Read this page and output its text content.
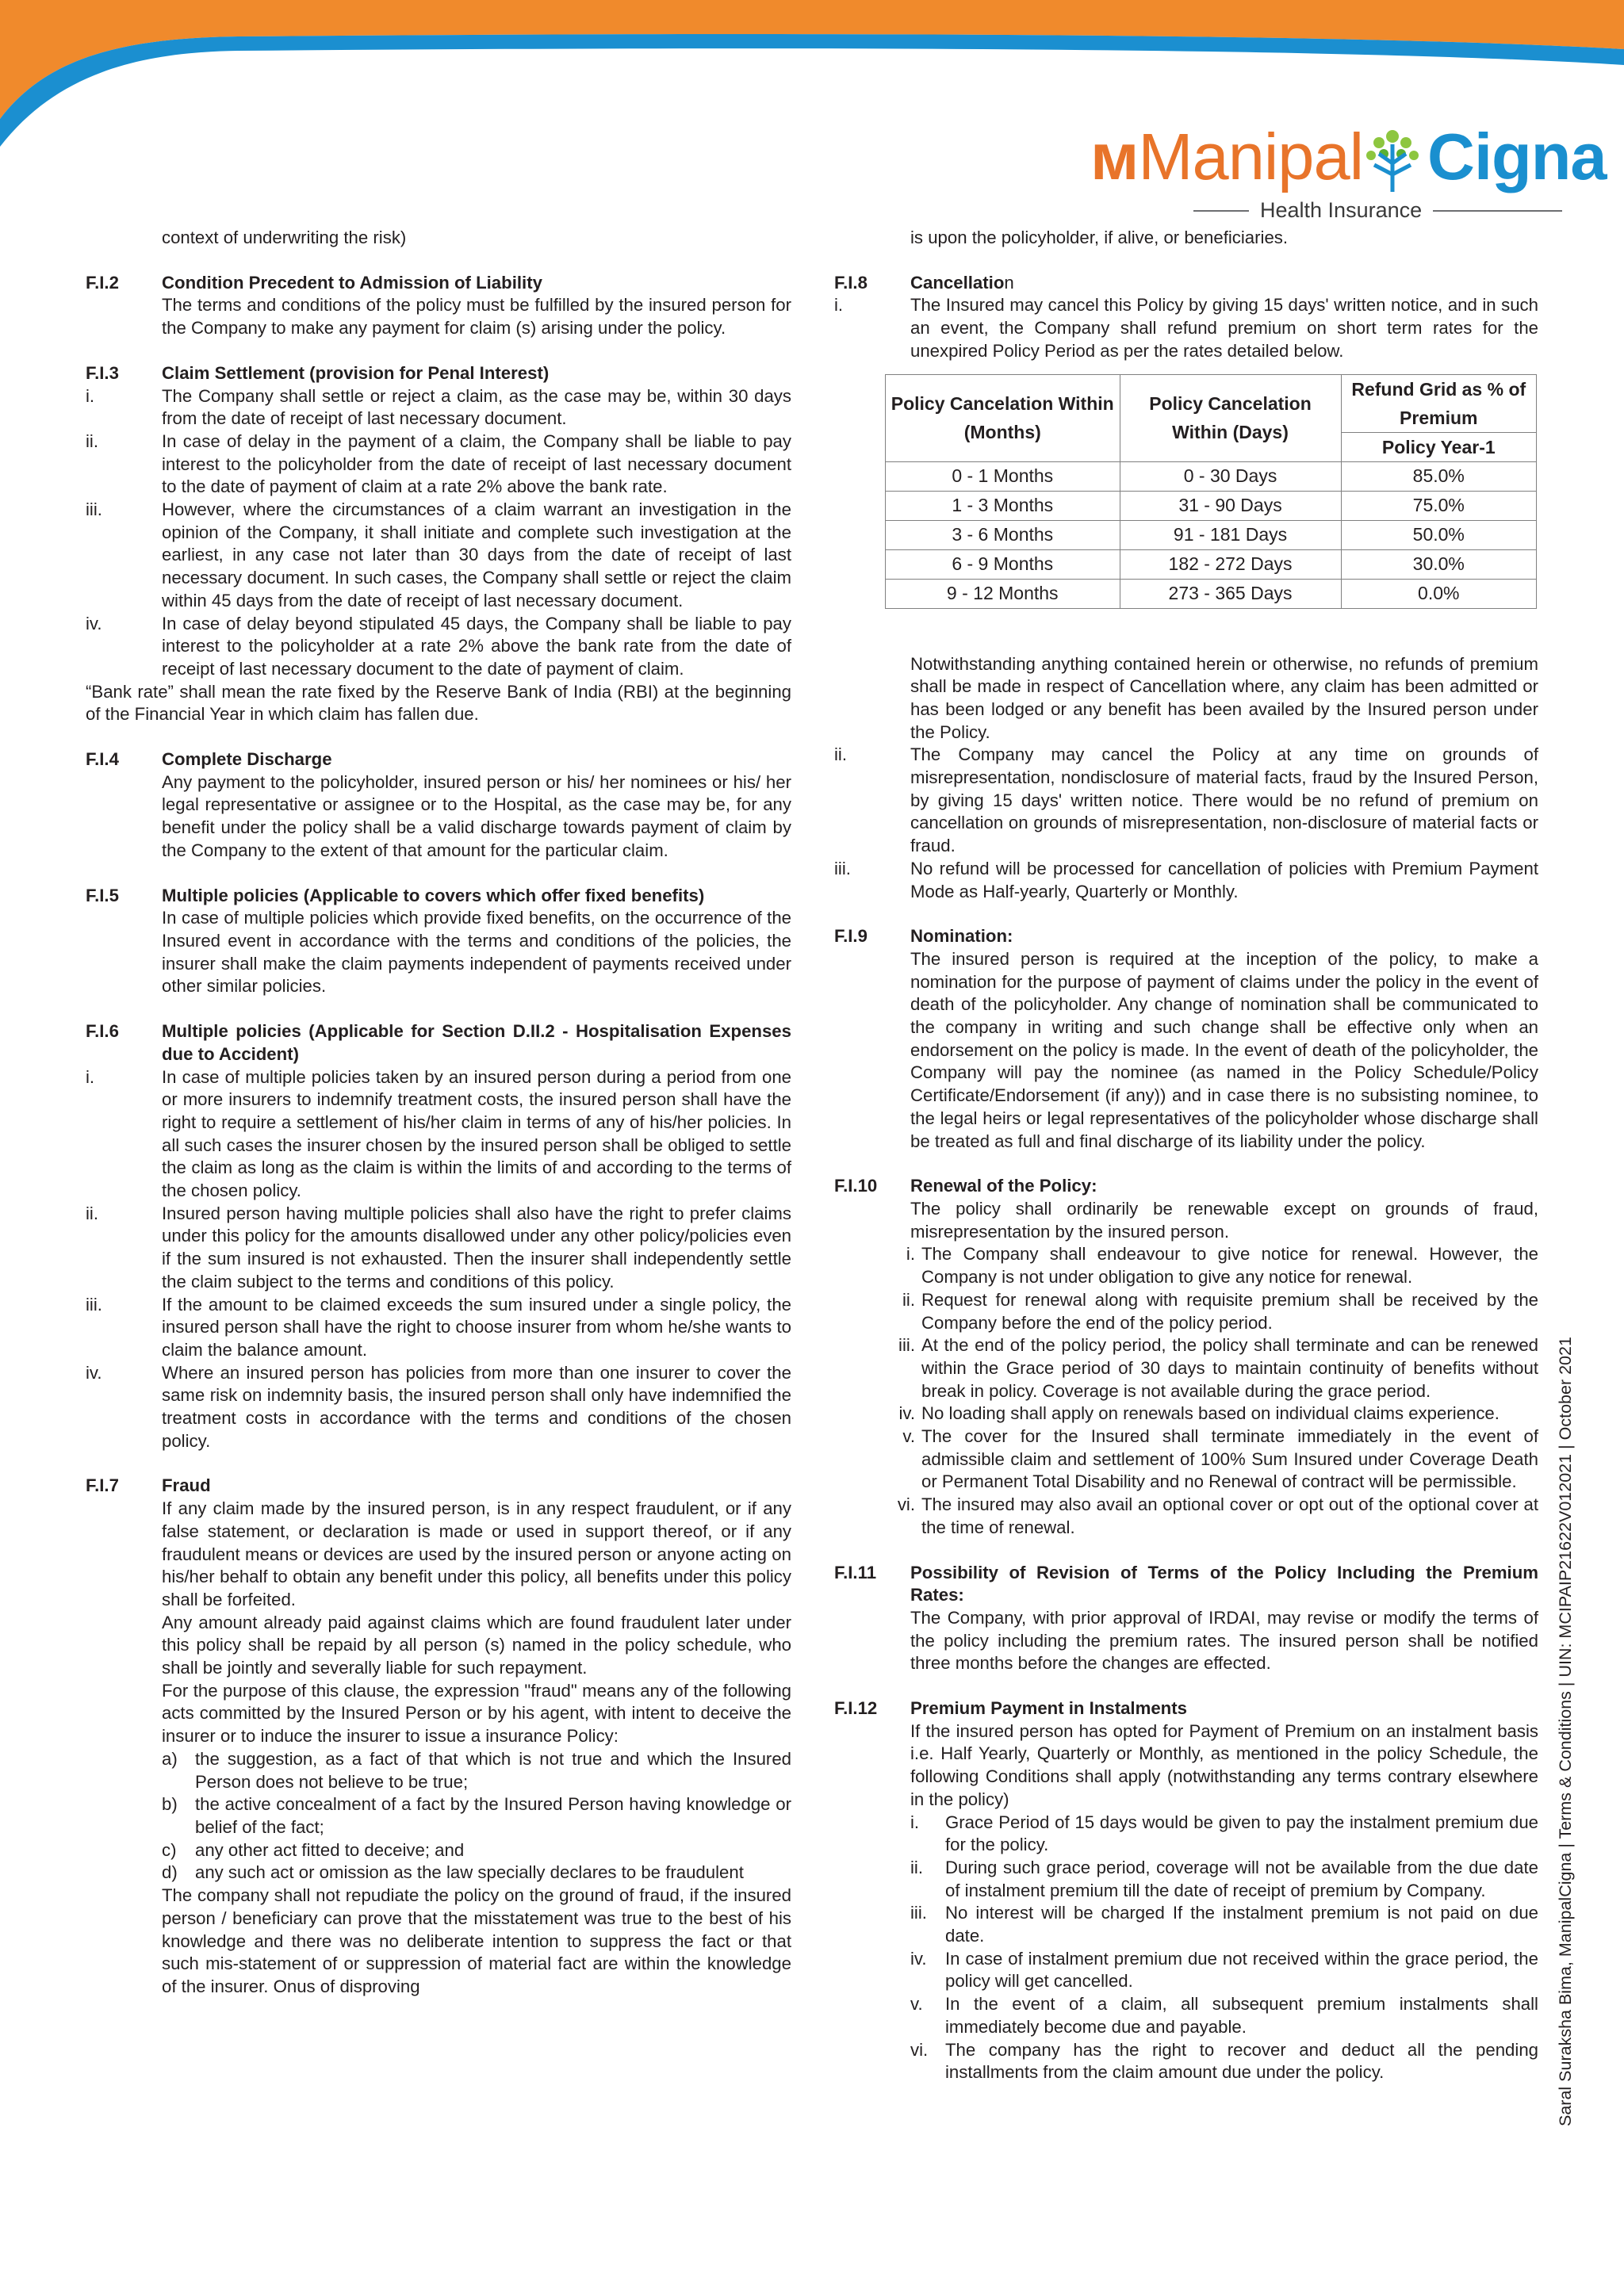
ᴍManipal Cigna
Health Insurance
context of underwriting the risk)
F.I.2	Condition Precedent to Admission of Liability
The terms and conditions of the policy must be fulfilled by the insured person for the Company to make any payment for claim (s) arising under the policy.
F.I.3	Claim Settlement (provision for Penal Interest)
i.	The Company shall settle or reject a claim, as the case may be, within 30 days from the date of receipt of last necessary document.
ii.	In case of delay in the payment of a claim, the Company shall be liable to pay interest to the policyholder from the date of receipt of last necessary document to the date of payment of claim at a rate 2% above the bank rate.
iii.	However, where the circumstances of a claim warrant an investigation in the opinion of the Company, it shall initiate and complete such investigation at the earliest, in any case not later than 30 days from the date of receipt of last necessary document. In such cases, the Company shall settle or reject the claim within 45 days from the date of receipt of last necessary document.
iv.	In case of delay beyond stipulated 45 days, the Company shall be liable to pay interest to the policyholder at a rate 2% above the bank rate from the date of receipt of last necessary document to the date of payment of claim.
“Bank rate” shall mean the rate fixed by the Reserve Bank of India (RBI) at the beginning of the Financial Year in which claim has fallen due.
F.I.4	Complete Discharge
Any payment to the policyholder, insured person or his/ her nominees or his/ her legal representative or assignee or to the Hospital, as the case may be, for any benefit under the policy shall be a valid discharge towards payment of claim by the Company to the extent of that amount for the particular claim.
F.I.5	Multiple policies (Applicable to covers which offer fixed benefits)
In case of multiple policies which provide fixed benefits, on the occurrence of the Insured event in accordance with the terms and conditions of the policies, the insurer shall make the claim payments independent of payments received under other similar policies.
F.I.6	Multiple policies (Applicable for Section D.II.2 - Hospitalisation Expenses due to Accident)
i.	In case of multiple policies taken by an insured person during a period from one or more insurers to indemnify treatment costs, the insured person shall have the right to require a settlement of his/her claim in terms of any of his/her policies. In all such cases the insurer chosen by the insured person shall be obliged to settle the claim as long as the claim is within the limits of and according to the terms of the chosen policy.
ii.	Insured person having multiple policies shall also have the right to prefer claims under this policy for the amounts disallowed under any other policy/policies even if the sum insured is not exhausted. Then the insurer shall independently settle the claim subject to the terms and conditions of this policy.
iii.	If the amount to be claimed exceeds the sum insured under a single policy, the insured person shall have the right to choose insurer from whom he/she wants to claim the balance amount.
iv.	Where an insured person has policies from more than one insurer to cover the same risk on indemnity basis, the insured person shall only have indemnified the treatment costs in accordance with the terms and conditions of the chosen policy.
F.I.7	Fraud
If any claim made by the insured person, is in any respect fraudulent, or if any false statement, or declaration is made or used in support thereof, or if any fraudulent means or devices are used by the insured person or anyone acting on his/her behalf to obtain any benefit under this policy, all benefits under this policy shall be forfeited.
Any amount already paid against claims which are found fraudulent later under this policy shall be repaid by all person (s) named in the policy schedule, who shall be jointly and severally liable for such repayment.
For the purpose of this clause, the expression "fraud" means any of the following acts committed by the Insured Person or by his agent, with intent to deceive the insurer or to induce the insurer to issue a insurance Policy:
a)	the suggestion, as a fact of that which is not true and which the Insured Person does not believe to be true;
b)	the active concealment of a fact by the Insured Person having knowledge or belief of the fact;
c)	any other act fitted to deceive; and
d)	any such act or omission as the law specially declares to be fraudulent
The company shall not repudiate the policy on the ground of fraud, if the insured person / beneficiary can prove that the misstatement was true to the best of his knowledge and there was no deliberate intention to suppress the fact or that such mis-statement of or suppression of material fact are within the knowledge of the insurer. Onus of disproving
is upon the policyholder, if alive, or beneficiaries.
F.I.8	Cancellation
i.	The Insured may cancel this Policy by giving 15 days' written notice, and in such an event, the Company shall refund premium on short term rates for the unexpired Policy Period as per the rates detailed below.
Policy Cancelation Within (Months)	Policy Cancelation Within (Days)	Refund Grid as % of Premium
		Policy Year-1
0 - 1 Months	0 - 30 Days	85.0%
1 - 3 Months	31 - 90 Days	75.0%
3 - 6 Months	91 - 181 Days	50.0%
6 - 9 Months	182 - 272 Days	30.0%
9 - 12 Months	273 - 365 Days	0.0%
Notwithstanding anything contained herein or otherwise, no refunds of premium shall be made in respect of Cancellation where, any claim has been admitted or has been lodged or any benefit has been availed by the Insured person under the Policy.
ii.	The Company may cancel the Policy at any time on grounds of misrepresentation, nondisclosure of material facts, fraud by the Insured Person, by giving 15 days' written notice. There would be no refund of premium on cancellation on grounds of misrepresentation, non-disclosure of material facts or fraud.
iii.	No refund will be processed for cancellation of policies with Premium Payment Mode as Half-yearly, Quarterly or Monthly.
F.I.9	Nomination:
The insured person is required at the inception of the policy, to make a nomination for the purpose of payment of claims under the policy in the event of death of the policyholder. Any change of nomination shall be communicated to the company in writing and such change shall be effective only when an endorsement on the policy is made. In the event of death of the policyholder, the Company will pay the nominee (as named in the Policy Schedule/Policy Certificate/Endorsement (if any)) and in case there is no subsisting nominee, to the legal heirs or legal representatives of the policyholder whose discharge shall be treated as full and final discharge of its liability under the policy.
F.I.10	Renewal of the Policy:
The policy shall ordinarily be renewable except on grounds of fraud, misrepresentation by the insured person.
i. The Company shall endeavour to give notice for renewal. However, the Company is not under obligation to give any notice for renewal.
ii. Request for renewal along with requisite premium shall be received by the Company before the end of the policy period.
iii. At the end of the policy period, the policy shall terminate and can be renewed within the Grace period of 30 days to maintain continuity of benefits without break in policy. Coverage is not available during the grace period.
iv. No loading shall apply on renewals based on individual claims experience.
v. The cover for the Insured shall terminate immediately in the event of admissible claim and settlement of 100% Sum Insured under Coverage Death or Permanent Total Disability and no Renewal of contract will be permissible.
vi. The insured may also avail an optional cover or opt out of the optional cover at the time of renewal.
F.I.11	Possibility of Revision of Terms of the Policy Including the Premium Rates:
The Company, with prior approval of IRDAI, may revise or modify the terms of the policy including the premium rates. The insured person shall be notified three months before the changes are effected.
F.I.12	Premium Payment in Instalments
If the insured person has opted for Payment of Premium on an instalment basis i.e. Half Yearly, Quarterly or Monthly, as mentioned in the policy Schedule, the following Conditions shall apply (notwithstanding any terms contrary elsewhere in the policy)
i.	Grace Period of 15 days would be given to pay the instalment premium due for the policy.
ii.	During such grace period, coverage will not be available from the due date of instalment premium till the date of receipt of premium by Company.
iii.	No interest will be charged If the instalment premium is not paid on due date.
iv.	In case of instalment premium due not received within the grace period, the policy will get cancelled.
v.	In the event of a claim, all subsequent premium instalments shall immediately become due and payable.
vi. The company has the right to recover and deduct all the pending installments from the claim amount due under the policy.	Saral Suraksha Bima, ManipalCigna | Terms & Conditions | UIN: MCIPAIP21622V012021 | October 2021
